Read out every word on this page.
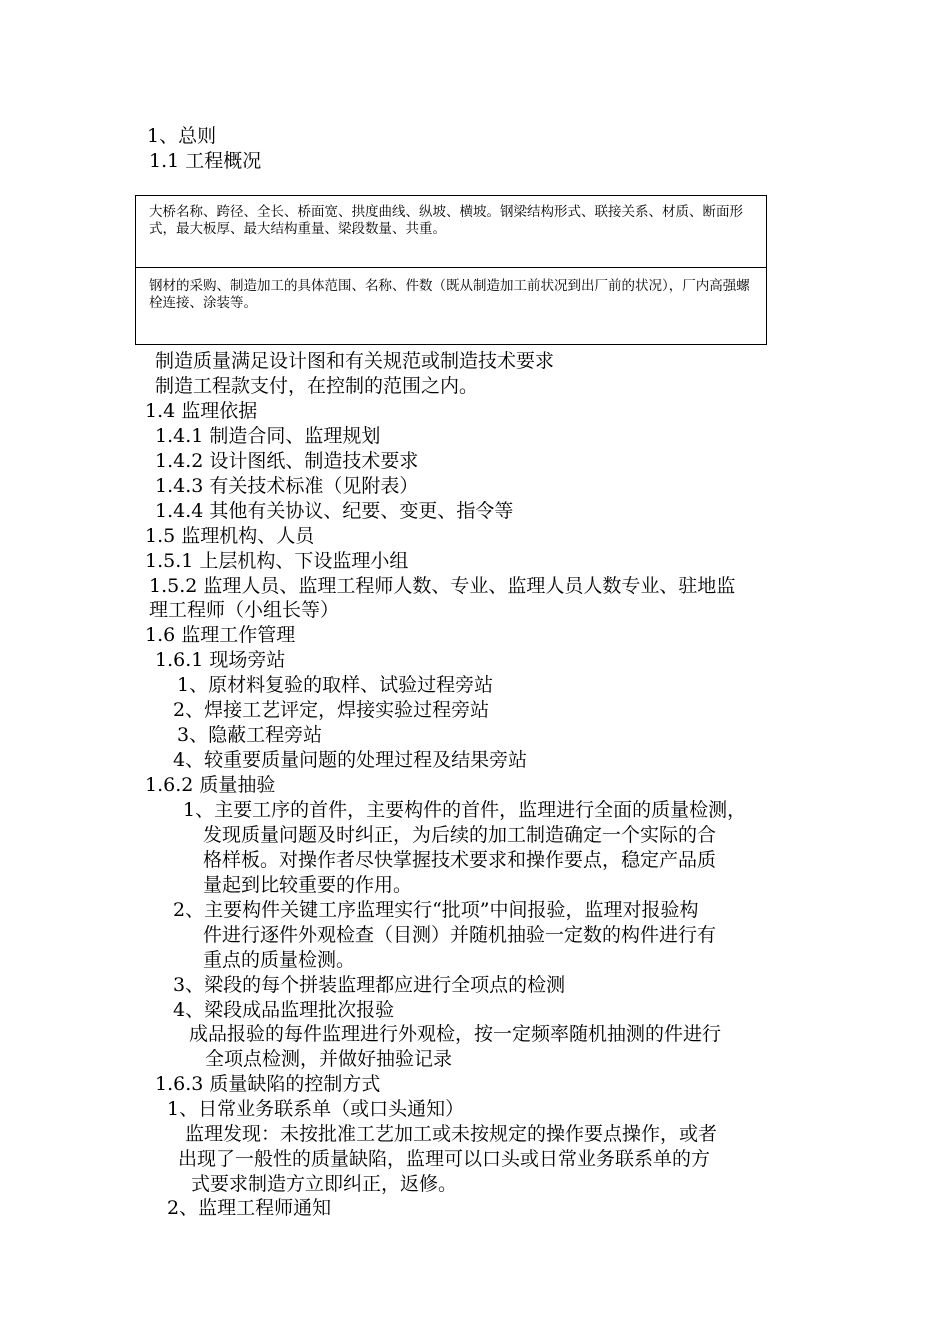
1、总则
1.1 工程概况
大桥名称、跨径、全长、桥面宽、拱度曲线、纵坡、横坡。钢梁结构形式、联接关系、材质、断面形式，最大板厚、最大结构重量、梁段数量、共重。
钢材的采购、制造加工的具体范围、名称、件数（既从制造加工前状况到出厂前的状况），厂内高强螺栓连接、涂装等。
制造质量满足设计图和有关规范或制造技术要求
制造工程款支付，在控制的范围之内。
1.4 监理依据
1.4.1 制造合同、监理规划
1.4.2 设计图纸、制造技术要求
1.4.3 有关技术标准（见附表）
1.4.4 其他有关协议、纪要、变更、指令等
1.5 监理机构、人员
1.5.1 上层机构、下设监理小组
1.5.2 监理人员、监理工程师人数、专业、监理人员人数专业、驻地监
理工程师（小组长等）
1.6 监理工作管理
1.6.1 现场旁站
1、原材料复验的取样、试验过程旁站
2、焊接工艺评定，焊接实验过程旁站
3、隐蔽工程旁站
4、较重要质量问题的处理过程及结果旁站
1.6.2 质量抽验
1、主要工序的首件，主要构件的首件，监理进行全面的质量检测，
发现质量问题及时纠正，为后续的加工制造确定一个实际的合
格样板。对操作者尽快掌握技术要求和操作要点，稳定产品质
量起到比较重要的作用。
2、主要构件关键工序监理实行“批项”中间报验，监理对报验构
件进行逐件外观检查（目测）并随机抽验一定数的构件进行有
重点的质量检测。
3、梁段的每个拼装监理都应进行全项点的检测
4、梁段成品监理批次报验
成品报验的每件监理进行外观检，按一定频率随机抽测的件进行
全项点检测，并做好抽验记录
1.6.3 质量缺陷的控制方式
1、日常业务联系单（或口头通知）
监理发现：未按批准工艺加工或未按规定的操作要点操作，或者
出现了一般性的质量缺陷，监理可以口头或日常业务联系单的方
式要求制造方立即纠正，返修。
2、监理工程师通知
